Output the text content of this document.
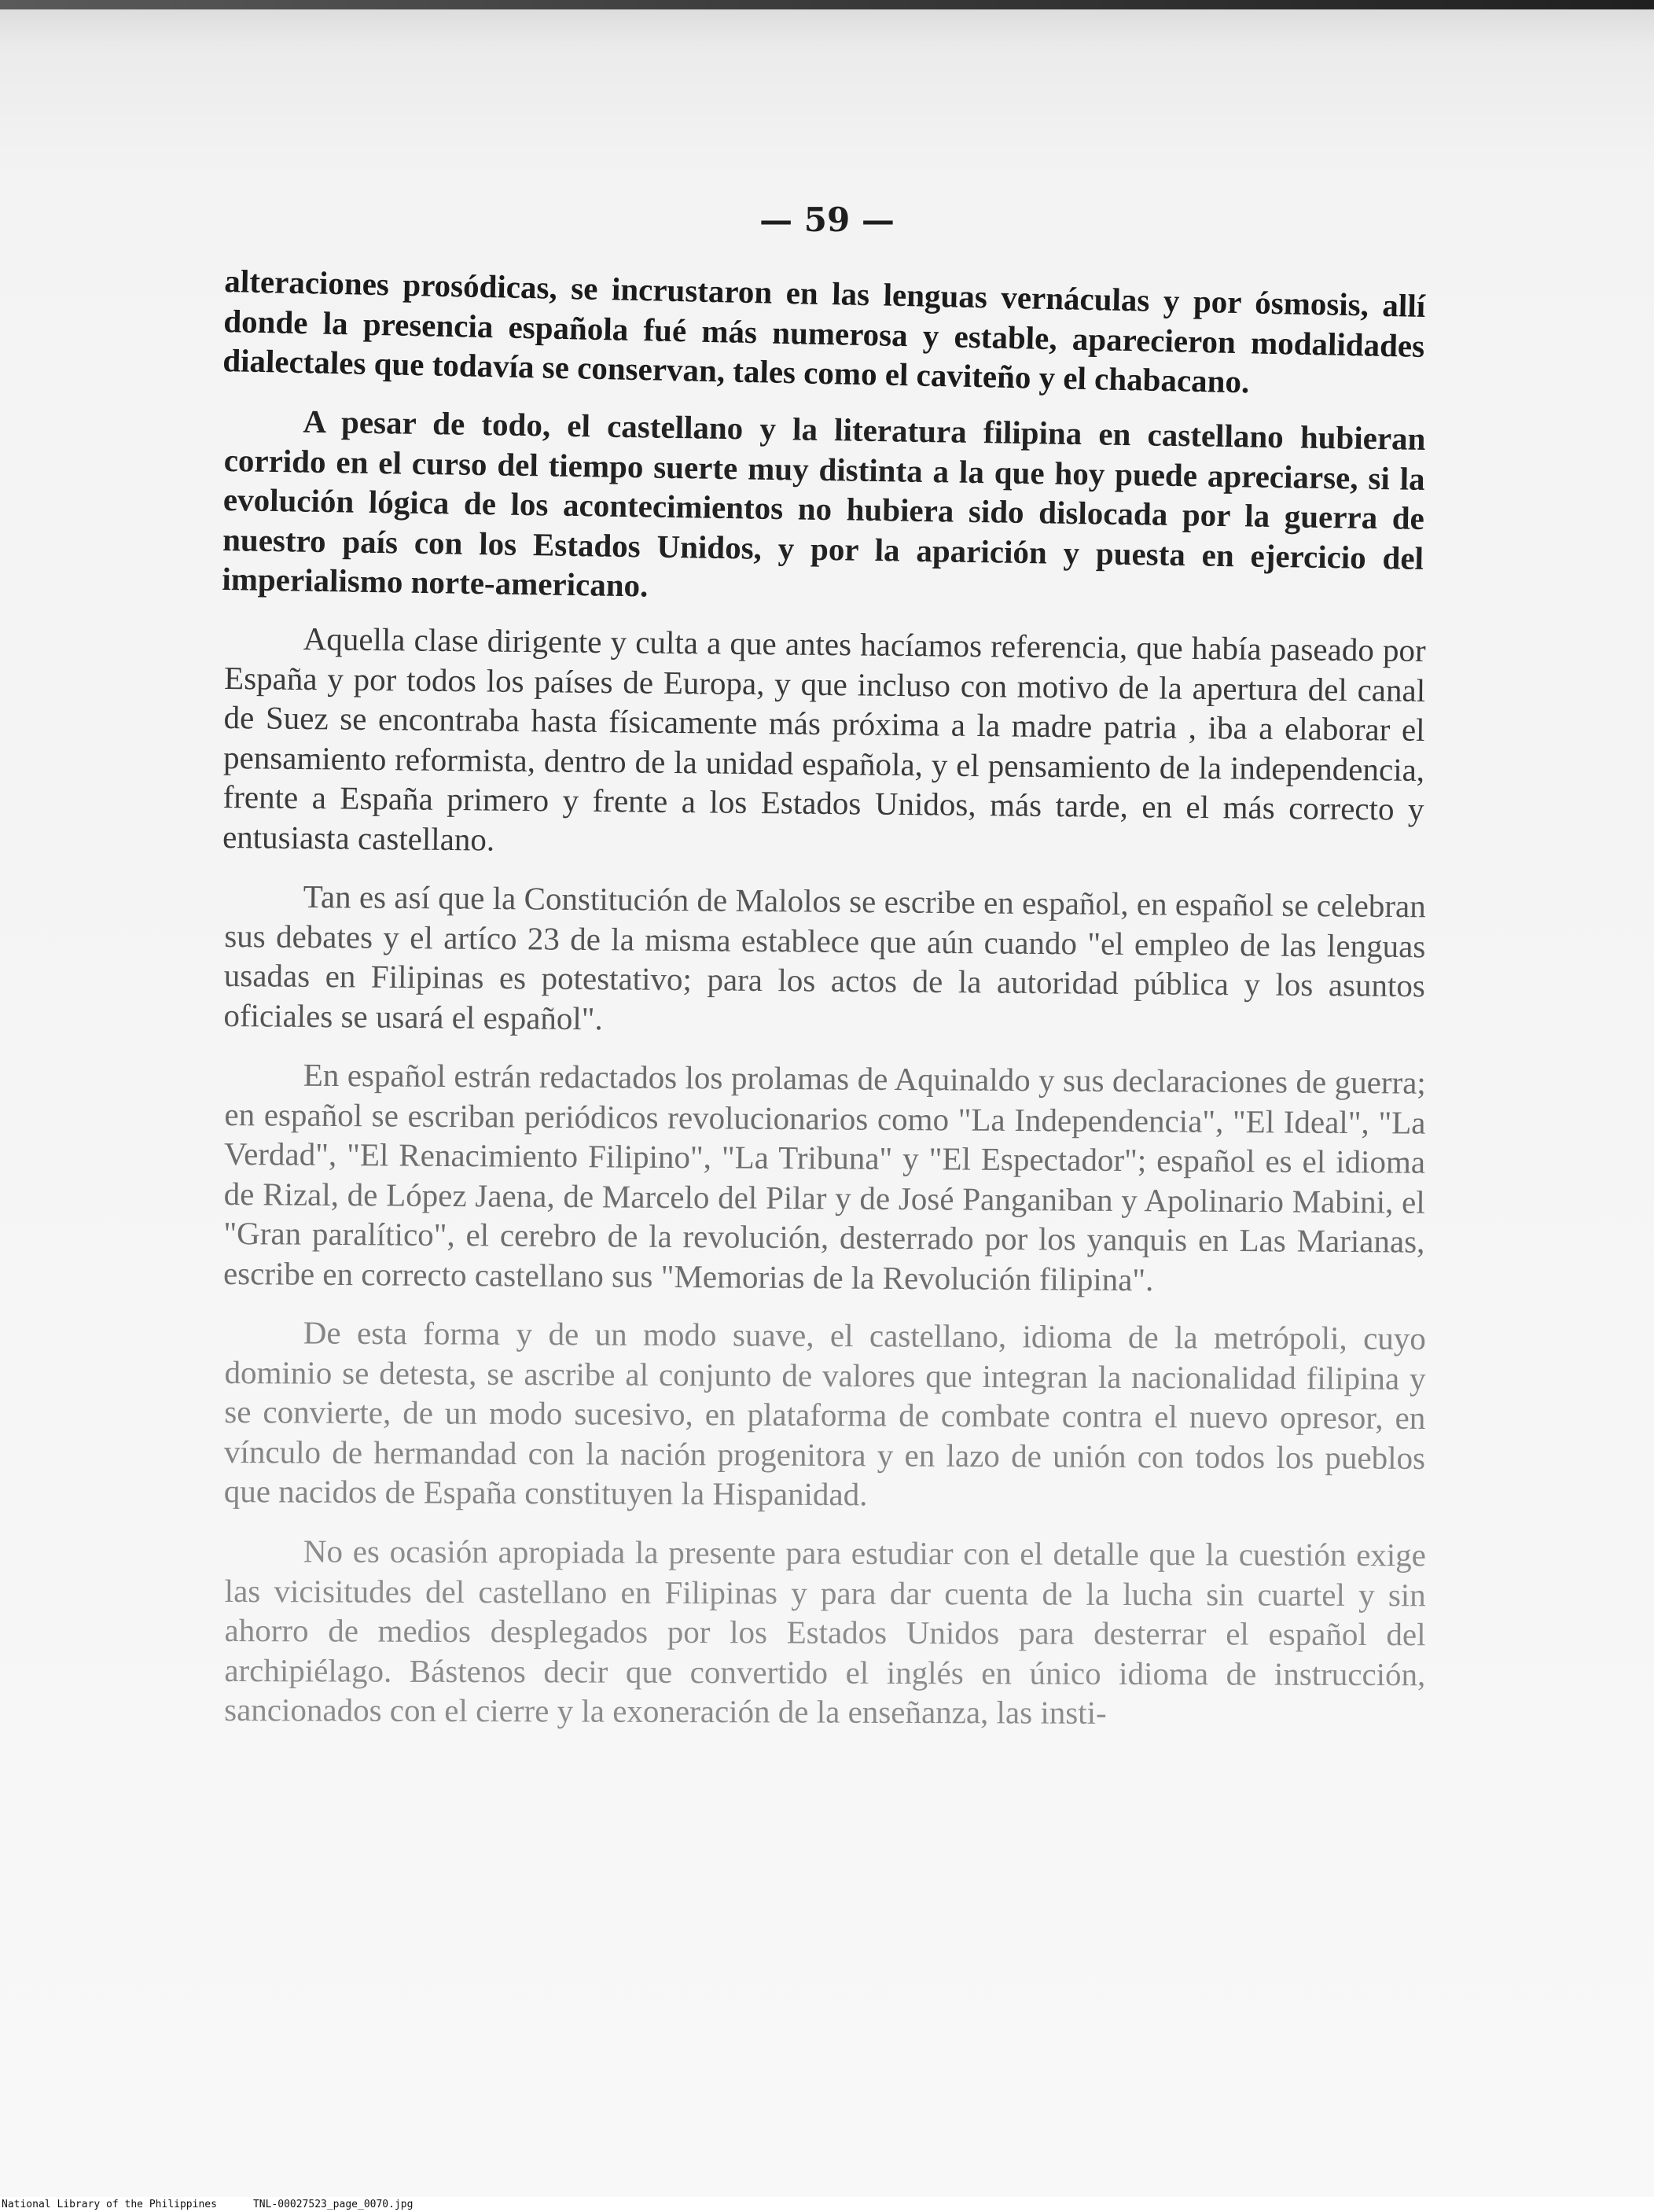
— 59 —

alteraciones prosódicas, se incrustaron en las lenguas vernáculas y por ósmosis, allí donde la presencia española fué más numerosa y estable, aparecieron modalidades dialectales que todavía se conservan, tales como el caviteño y el chabacano.

A pesar de todo, el castellano y la literatura filipina en castellano hubieran corrido en el curso del tiempo suerte muy distinta a la que hoy puede apreciarse, si la evolución lógica de los acontecimientos no hubiera sido dislocada por la guerra de nuestro país con los Estados Unidos, y por la aparición y puesta en ejercicio del imperialismo norte-americano.

Aquella clase dirigente y culta a que antes hacíamos referencia, que había paseado por España y por todos los países de Europa, y que incluso con motivo de la apertura del canal de Suez se encontraba hasta físicamente más próxima a la madre patria , iba a elaborar el pensamiento reformista, dentro de la unidad española, y el pensamiento de la independencia, frente a España primero y frente a los Estados Unidos, más tarde, en el más correcto y entusiasta castellano.

Tan es así que la Constitución de Malolos se escribe en español, en español se celebran sus debates y el artíco 23 de la misma establece que aún cuando "el empleo de las lenguas usadas en Filipinas es potestativo; para los actos de la autoridad pública y los asuntos oficiales se usará el español".

En español estrán redactados los prolamas de Aquinaldo y sus declaraciones de guerra; en español se escriban periódicos revolucionarios como "La Independencia", "El Ideal", "La Verdad", "El Renacimiento Filipino", "La Tribuna" y "El Espectador"; español es el idioma de Rizal, de López Jaena, de Marcelo del Pilar y de José Panganiban y Apolinario Mabini, el "Gran paralítico", el cerebro de la revolución, desterrado por los yanquis en Las Marianas, escribe en correcto castellano sus "Memorias de la Revolución filipina".

De esta forma y de un modo suave, el castellano, idioma de la metrópoli, cuyo dominio se detesta, se ascribe al conjunto de valores que integran la nacionalidad filipina y se convierte, de un modo sucesivo, en plataforma de combate contra el nuevo opresor, en vínculo de hermandad con la nación progenitora y en lazo de unión con todos los pueblos que nacidos de España constituyen la Hispanidad.

No es ocasión apropiada la presente para estudiar con el detalle que la cuestión exige las vicisitudes del castellano en Filipinas y para dar cuenta de la lucha sin cuartel y sin ahorro de medios desplegados por los Estados Unidos para desterrar el español del archipiélago. Bástenos decir que convertido el inglés en único idioma de instrucción, sancionados con el cierre y la exoneración de la enseñanza, las insti-

National Library of the Philippines	TNL-00027523_page_0070.jpg
